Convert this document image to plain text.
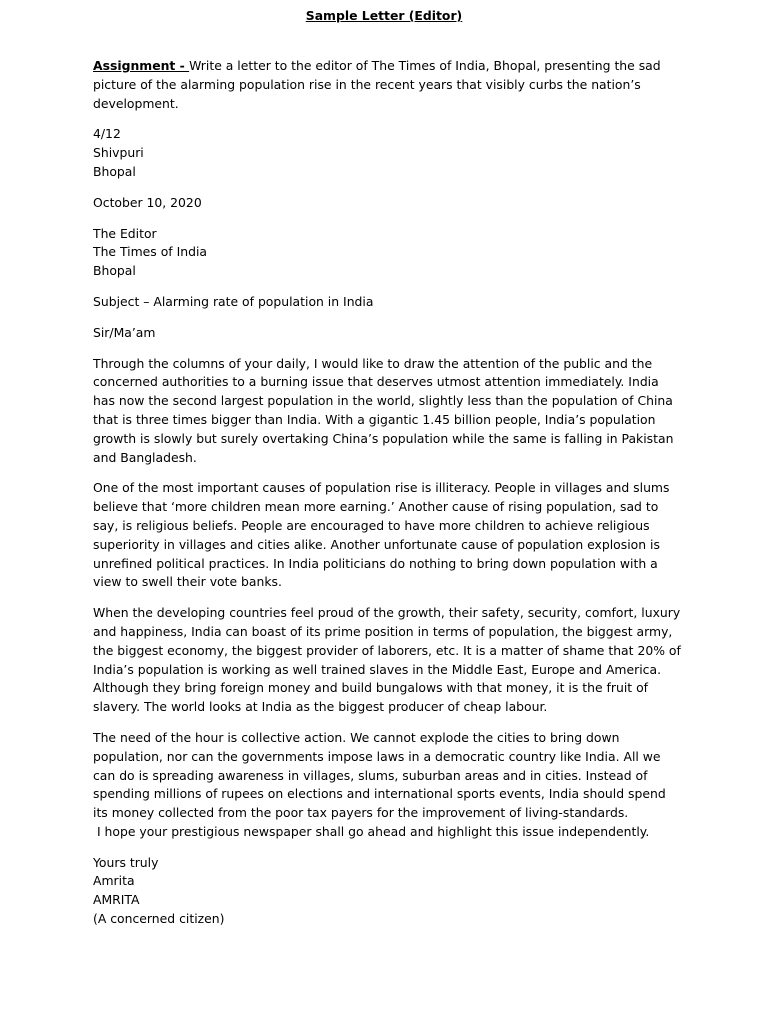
Sample Letter (Editor)
Assignment - Write a letter to the editor of The Times of India, Bhopal, presenting the sad picture of the alarming population rise in the recent years that visibly curbs the nation’s development.
4/12
Shivpuri
Bhopal
October 10, 2020
The Editor
The Times of India
Bhopal
Subject – Alarming rate of population in India
Sir/Ma’am
Through the columns of your daily, I would like to draw the attention of the public and the concerned authorities to a burning issue that deserves utmost attention immediately. India has now the second largest population in the world, slightly less than the population of China that is three times bigger than India. With a gigantic 1.45 billion people, India’s population growth is slowly but surely overtaking China’s population while the same is falling in Pakistan and Bangladesh.
One of the most important causes of population rise is illiteracy. People in villages and slums believe that ‘more children mean more earning.’ Another cause of rising population, sad to say, is religious beliefs. People are encouraged to have more children to achieve religious superiority in villages and cities alike. Another unfortunate cause of population explosion is unrefined political practices. In India politicians do nothing to bring down population with a view to swell their vote banks.
When the developing countries feel proud of the growth, their safety, security, comfort, luxury and happiness, India can boast of its prime position in terms of population, the biggest army, the biggest economy, the biggest provider of laborers, etc. It is a matter of shame that 20% of India’s population is working as well trained slaves in the Middle East, Europe and America. Although they bring foreign money and build bungalows with that money, it is the fruit of slavery. The world looks at India as the biggest producer of cheap labour.
The need of the hour is collective action. We cannot explode the cities to bring down population, nor can the governments impose laws in a democratic country like India. All we can do is spreading awareness in villages, slums, suburban areas and in cities. Instead of spending millions of rupees on elections and international sports events, India should spend its money collected from the poor tax payers for the improvement of living-standards.
I hope your prestigious newspaper shall go ahead and highlight this issue independently.
Yours truly
Amrita
AMRITA
(A concerned citizen)
